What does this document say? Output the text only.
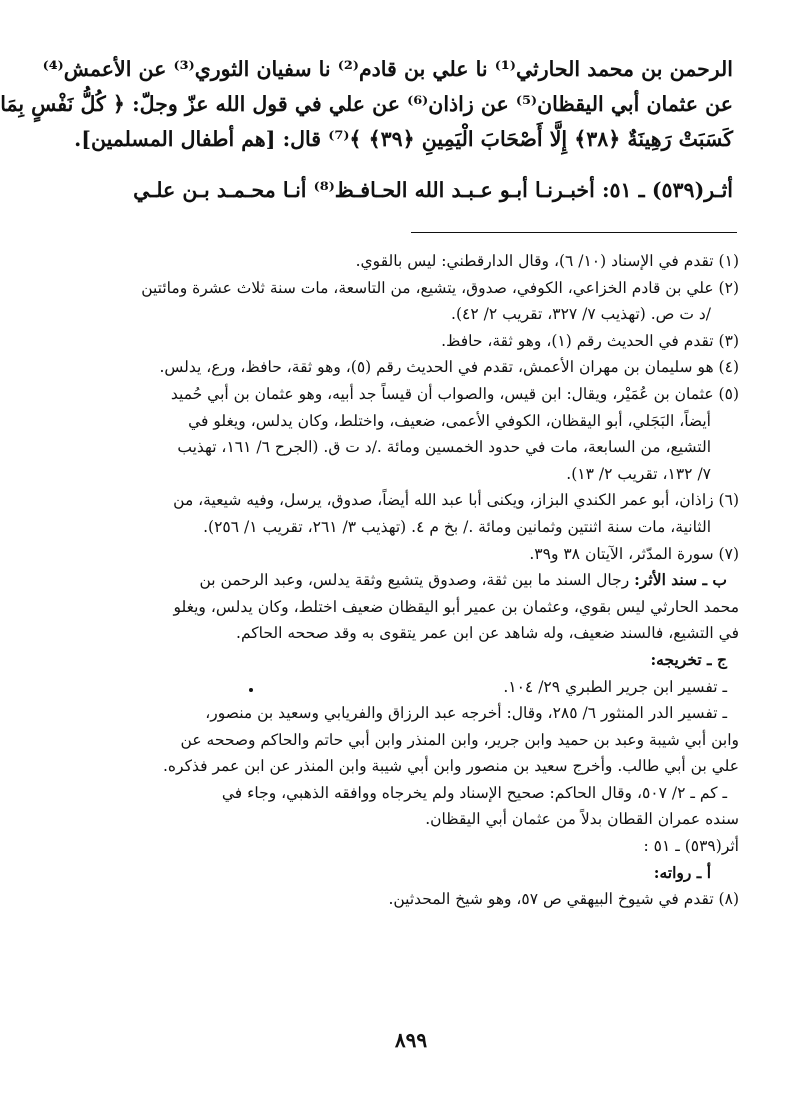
الرحمن بن محمد الحارثي⁽¹⁾ نا علي بن قادم⁽²⁾ نا سفيان الثوري⁽³⁾ عن الأعمش⁽⁴⁾
عن عثمان أبي اليقظان⁽⁵⁾ عن زاذان⁽⁶⁾ عن علي في قول الله عزّ وجلّ: ﴿ كُلُّ نَفْسٍ بِمَا
كَسَبَتْ رَهِينَةٌ ﴿٣٨﴾ إِلَّا أَصْحَابَ الْيَمِينِ ﴿٣٩﴾ ﴾⁽⁷⁾ قال: [هم أطفال المسلمين].
أثـر(٥٣٩) ـ ٥١: أخبـرنـا أبـو عـبـد الله الحـافـظ⁽⁸⁾ أنـا محـمـد بـن علـي
(١) تقدم في الإسناد (١٠/ ٦)، وقال الدارقطني: ليس بالقوي.
(٢) علي بن قادم الخزاعي، الكوفي، صدوق، يتشيع، من التاسعة، مات سنة ثلاث عشرة ومائتين
/د ت ص. (تهذيب ٧/ ٣٢٧، تقريب ٢/ ٤٢).
(٣) تقدم في الحديث رقم (١)، وهو ثقة، حافظ.
(٤) هو سليمان بن مهران الأعمش، تقدم في الحديث رقم (٥)، وهو ثقة، حافظ، ورع، يدلس.
(٥) عثمان بن عُمَيْر، ويقال: ابن قيس، والصواب أن قيساً جد أبيه، وهو عثمان بن أبي حُميد
أيضاً، البَجَلي، أبو اليقظان، الكوفي الأعمى، ضعيف، واختلط، وكان يدلس، ويغلو في
التشيع، من السابعة، مات في حدود الخمسين ومائة ./د ت ق. (الجرح ٦/ ١٦١، تهذيب
٧/ ١٣٢، تقريب ٢/ ١٣).
(٦) زاذان، أبو عمر الكندي البزاز، ويكنى أبا عبد الله أيضاً، صدوق، يرسل، وفيه شيعية، من
الثانية، مات سنة اثنتين وثمانين ومائة ./ بخ م ٤. (تهذيب ٣/ ٢٦١، تقريب ١/ ٢٥٦).
(٧) سورة المدّثر، الآيتان ٣٨ و٣٩.
ب ـ سند الأثر: رجال السند ما بين ثقة، وصدوق يتشيع وثقة يدلس، وعبد الرحمن بن
محمد الحارثي ليس بقوي، وعثمان بن عمير أبو اليقظان ضعيف اختلط، وكان يدلس، ويغلو
في التشيع، فالسند ضعيف، وله شاهد عن ابن عمر يتقوى به وقد صححه الحاكم.
ج ـ تخريجه:
ـ تفسير ابن جرير الطبري ٢٩/ ١٠٤.
ـ تفسير الدر المنثور ٦/ ٢٨٥، وقال: أخرجه عبد الرزاق والفريابي وسعيد بن منصور،
وابن أبي شيبة وعبد بن حميد وابن جرير، وابن المنذر وابن أبي حاتم والحاكم وصححه عن
علي بن أبي طالب. وأخرج سعيد بن منصور وابن أبي شيبة وابن المنذر عن ابن عمر فذكره.
ـ كم ـ ٢/ ٥٠٧، وقال الحاكم: صحيح الإسناد ولم يخرجاه ووافقه الذهبي، وجاء في
سنده عمران القطان بدلاً من عثمان أبي اليقظان.
أثر(٥٣٩) ـ ٥١ :
أ ـ رواته:
(٨) تقدم في شيوخ البيهقي ص ٥٧، وهو شيخ المحدثين.
٨٩٩
